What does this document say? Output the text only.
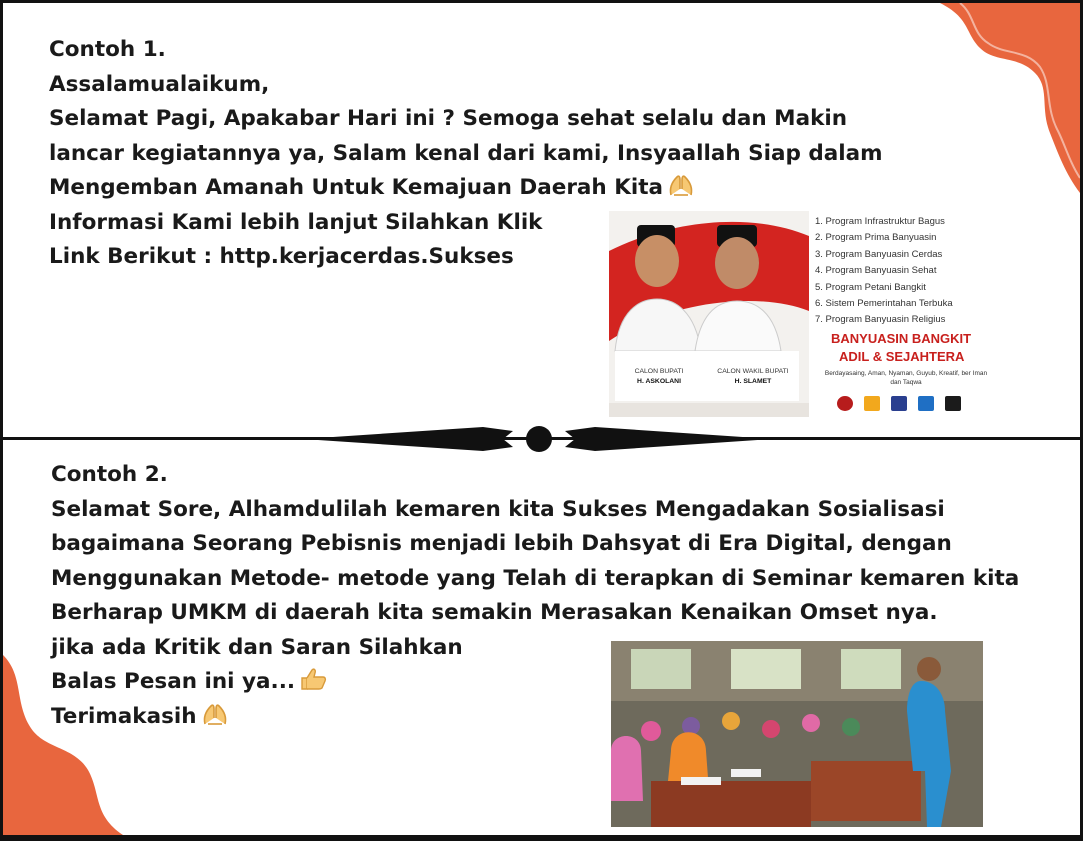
Contoh 1.
Assalamualaikum,
Selamat Pagi, Apakabar Hari ini ? Semoga sehat selalu dan Makin
lancar kegiatannya ya, Salam kenal dari kami, Insyaallah Siap dalam
Mengemban Amanah Untuk Kemajuan Daerah Kita
Informasi Kami lebih lanjut Silahkan Klik
Link Berikut : http.kerjacerdas.Sukses
CALON BUPATI
H. ASKOLANI
CALON WAKIL BUPATI
H. SLAMET
1. Program Infrastruktur Bagus
2. Program Prima Banyuasin
3. Program Banyuasin Cerdas
4. Program Banyuasin Sehat
5. Program Petani Bangkit
6. Sistem Pemerintahan Terbuka
7. Program Banyuasin Religius
BANYUASIN BANGKIT
ADIL & SEJAHTERA
Berdayasaing, Aman, Nyaman, Guyub, Kreatif, ber Iman dan Taqwa

Contoh 2.
Selamat Sore, Alhamdulilah kemaren kita Sukses Mengadakan Sosialisasi
bagaimana Seorang Pebisnis menjadi lebih Dahsyat di Era Digital, dengan
Menggunakan Metode- metode yang Telah di terapkan di Seminar kemaren kita
Berharap UMKM di daerah kita semakin Merasakan Kenaikan Omset nya.
jika ada Kritik dan Saran Silahkan
Balas Pesan ini ya...
Terimakasih
